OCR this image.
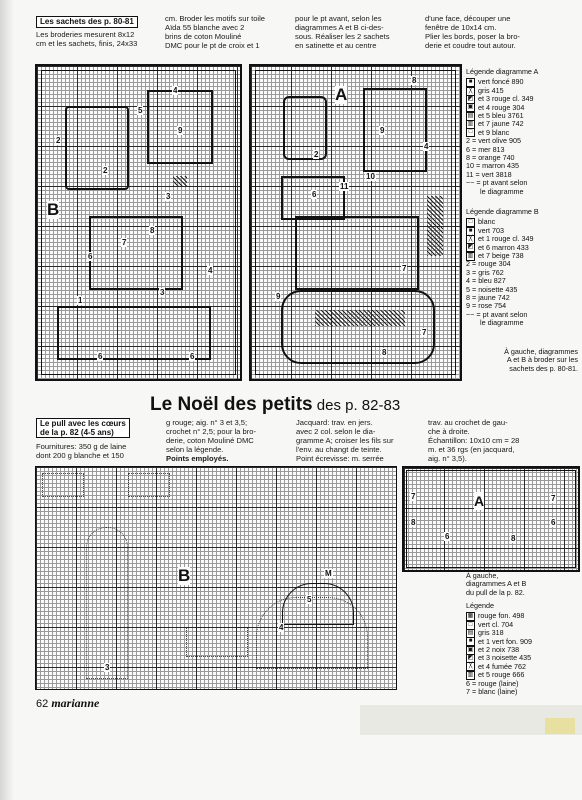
Les sachets des p. 80-81
Les broderies mesurent 8x12
cm et les sachets, finis, 24x33
cm. Broder les motifs sur toile
Aïda 55 blanche avec 2
brins de coton Mouliné
DMC pour le pt de croix et 1
pour le pt avant, selon les
diagrammes A et B ci-des-
sous. Réaliser les 2 sachets
en satinette et au centre
d'une face, découper une
fenêtre de 10x14 cm.
Plier les bords, poser la bro-
derie et coudre tout autour.
B
4
2
5
3
9
7
6
8
1
3
2
4
6	6
A
8
9
2
4
10
6
11
7
9
8
7
Légende diagramme A
■ vert foncé 890
╳ gris 415
◩ et 3 rouge cl. 349
▣ et 4 rouge 304
▤ et 5 bleu 3761
▥ et 7 jaune 742
□ et 9 blanc
2 = vert olive 905
6 = mer 813
8 = orange 740
10 = marron 435
11 = vert 3818
~~ = pt avant selon
le diagramme
Légende diagramme B
□ blanc
■ vert 703
╳ et 1 rouge cl. 349
◩ et 6 marron 433
▥ et 7 beige 738
2 = rouge 304
3 = gris 762
4 = bleu 827
5 = noisette 435
8 = jaune 742
9 = rose 754
~~ = pt avant selon
le diagramme
À gauche, diagrammes
A et B à broder sur les
sachets des p. 80-81.
Le Noël des petits des p. 82-83
Le pull avec les cœurs
de la p. 82 (4-5 ans)
Fournitures: 350 g de laine
dont 200 g blanche et 150
g rouge; aig. n° 3 et 3,5;
crochet n° 2,5; pour la bro-
derie, coton Mouliné DMC
selon la légende.
Points employés.
Jacquard: trav. en jers.
avec 2 col. selon le dia-
gramme A; croiser les fils sur
l'env. au changt de teinte.
Point écrevisse: m. serrée
trav. au crochet de gau-
che à droite.
Échantillon: 10x10 cm = 28
m. et 36 rgs (en jacquard,
aig. n° 3,5).
B	M
3
4
5
A
7
8
7
6
6	8
À gauche,
diagrammes A et B
du pull de la p. 82.
Légende
▦ rouge fon. 498
□ vert cl. 704
▤ gris 318
■ et 1 vert fon. 909
▣ et 2 noix 738
◩ et 3 noisette 435
╳ et 4 fumée 762
▥ et 5 rouge 666
6 = rouge (laine)
7 = blanc (laine)
62 marianne
